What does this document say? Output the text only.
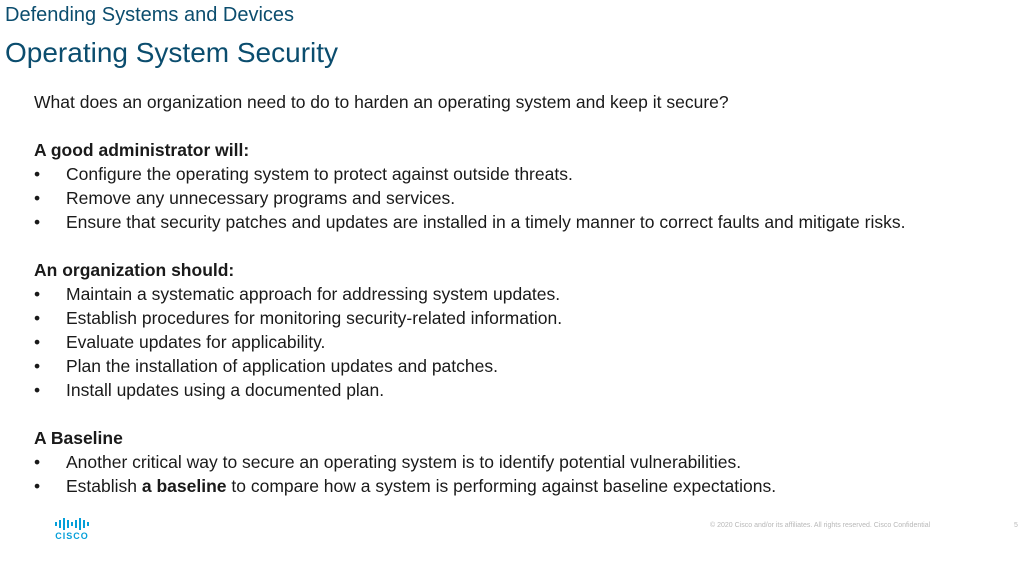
Defending Systems and Devices
Operating System Security

What does an organization need to do to harden an operating system and keep it secure?

A good administrator will:

• Configure the operating system to protect against outside threats.
• Remove any unnecessary programs and services.
• Ensure that security patches and updates are installed in a timely manner to correct faults and mitigate risks.

An organization should:

• Maintain a systematic approach for addressing system updates.
• Establish procedures for monitoring security-related information.
• Evaluate updates for applicability.
• Plan the installation of application updates and patches.
• Install updates using a documented plan.

A Baseline

• Another critical way to secure an operating system is to identify potential vulnerabilities.
• Establish a baseline to compare how a system is performing against baseline expectations.
CISCO
© 2020 Cisco and/or its affiliates. All rights reserved. Cisco Confidential	5
